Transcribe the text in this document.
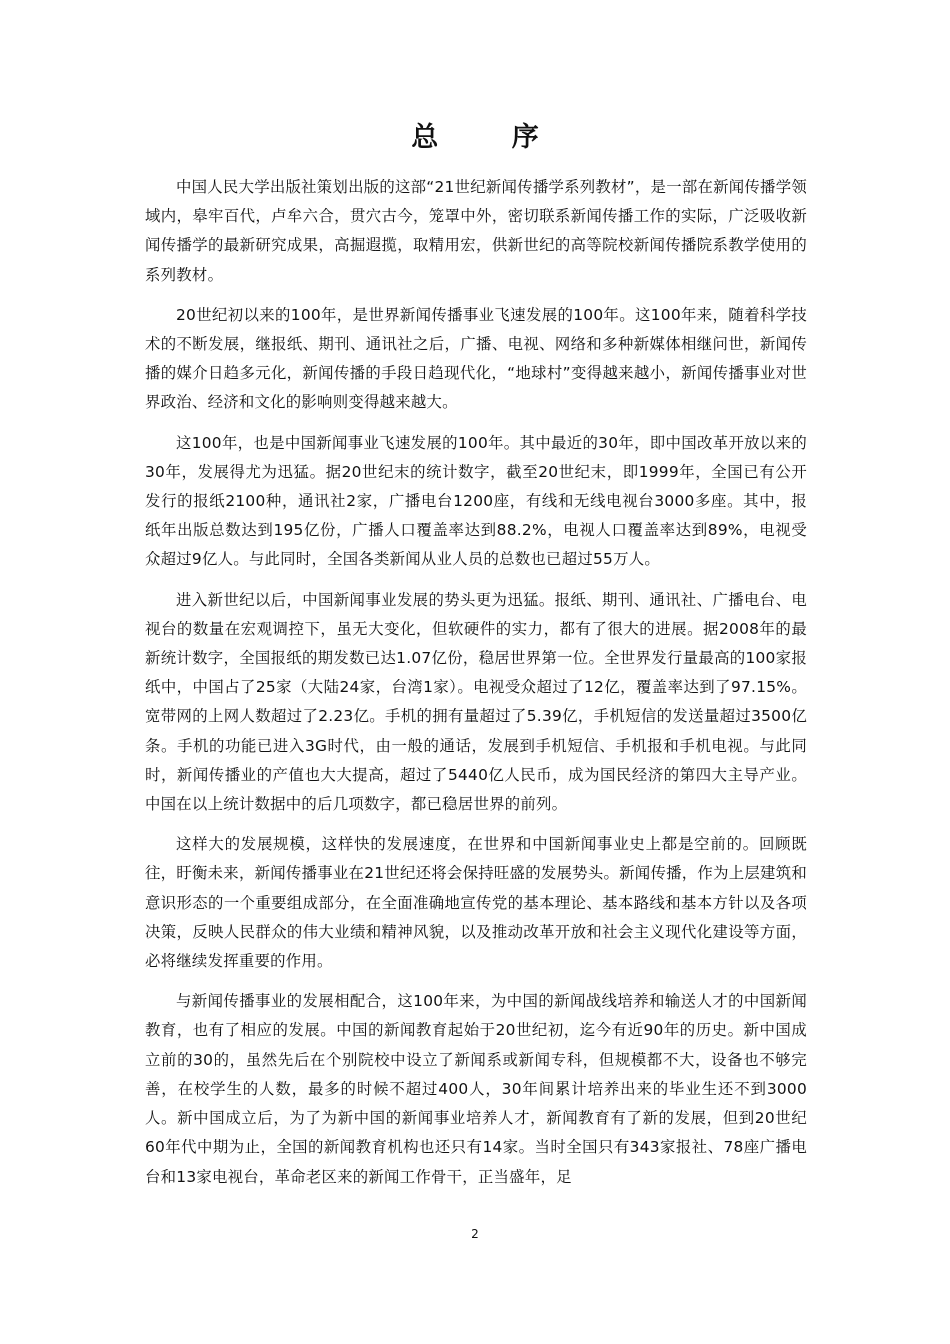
总 序

中国人民大学出版社策划出版的这部“21世纪新闻传播学系列教材”，是一部在新闻传播学领域内，皋牢百代，卢牟六合，贯穴古今，笼罩中外，密切联系新闻传播工作的实际，广泛吸收新闻传播学的最新研究成果，高掘遐揽，取精用宏，供新世纪的高等院校新闻传播院系教学使用的系列教材。

20世纪初以来的100年，是世界新闻传播事业飞速发展的100年。这100年来，随着科学技术的不断发展，继报纸、期刊、通讯社之后，广播、电视、网络和多种新媒体相继问世，新闻传播的媒介日趋多元化，新闻传播的手段日趋现代化，“地球村”变得越来越小，新闻传播事业对世界政治、经济和文化的影响则变得越来越大。

这100年，也是中国新闻事业飞速发展的100年。其中最近的30年，即中国改革开放以来的30年，发展得尤为迅猛。据20世纪末的统计数字，截至20世纪末，即1999年，全国已有公开发行的报纸2100种，通讯社2家，广播电台1200座，有线和无线电视台3000多座。其中，报纸年出版总数达到195亿份，广播人口覆盖率达到88.2%，电视人口覆盖率达到89%，电视受众超过9亿人。与此同时，全国各类新闻从业人员的总数也已超过55万人。

进入新世纪以后，中国新闻事业发展的势头更为迅猛。报纸、期刊、通讯社、广播电台、电视台的数量在宏观调控下，虽无大变化，但软硬件的实力，都有了很大的进展。据2008年的最新统计数字，全国报纸的期发数已达1.07亿份，稳居世界第一位。全世界发行量最高的100家报纸中，中国占了25家（大陆24家，台湾1家）。电视受众超过了12亿，覆盖率达到了97.15%。宽带网的上网人数超过了2.23亿。手机的拥有量超过了5.39亿，手机短信的发送量超过3500亿条。手机的功能已进入3G时代，由一般的通话，发展到手机短信、手机报和手机电视。与此同时，新闻传播业的产值也大大提高，超过了5440亿人民币，成为国民经济的第四大主导产业。中国在以上统计数据中的后几项数字，都已稳居世界的前列。

这样大的发展规模，这样快的发展速度，在世界和中国新闻事业史上都是空前的。回顾既往，盱衡未来，新闻传播事业在21世纪还将会保持旺盛的发展势头。新闻传播，作为上层建筑和意识形态的一个重要组成部分，在全面准确地宣传党的基本理论、基本路线和基本方针以及各项决策，反映人民群众的伟大业绩和精神风貌，以及推动改革开放和社会主义现代化建设等方面，必将继续发挥重要的作用。

与新闻传播事业的发展相配合，这100年来，为中国的新闻战线培养和输送人才的中国新闻教育，也有了相应的发展。中国的新闻教育起始于20世纪初，迄今有近90年的历史。新中国成立前的30的，虽然先后在个别院校中设立了新闻系或新闻专科，但规模都不大，设备也不够完善，在校学生的人数，最多的时候不超过400人，30年间累计培养出来的毕业生还不到3000人。新中国成立后，为了为新中国的新闻事业培养人才，新闻教育有了新的发展，但到20世纪60年代中期为止，全国的新闻教育机构也还只有14家。当时全国只有343家报社、78座广播电台和13家电视台，革命老区来的新闻工作骨干，正当盛年，足

2
